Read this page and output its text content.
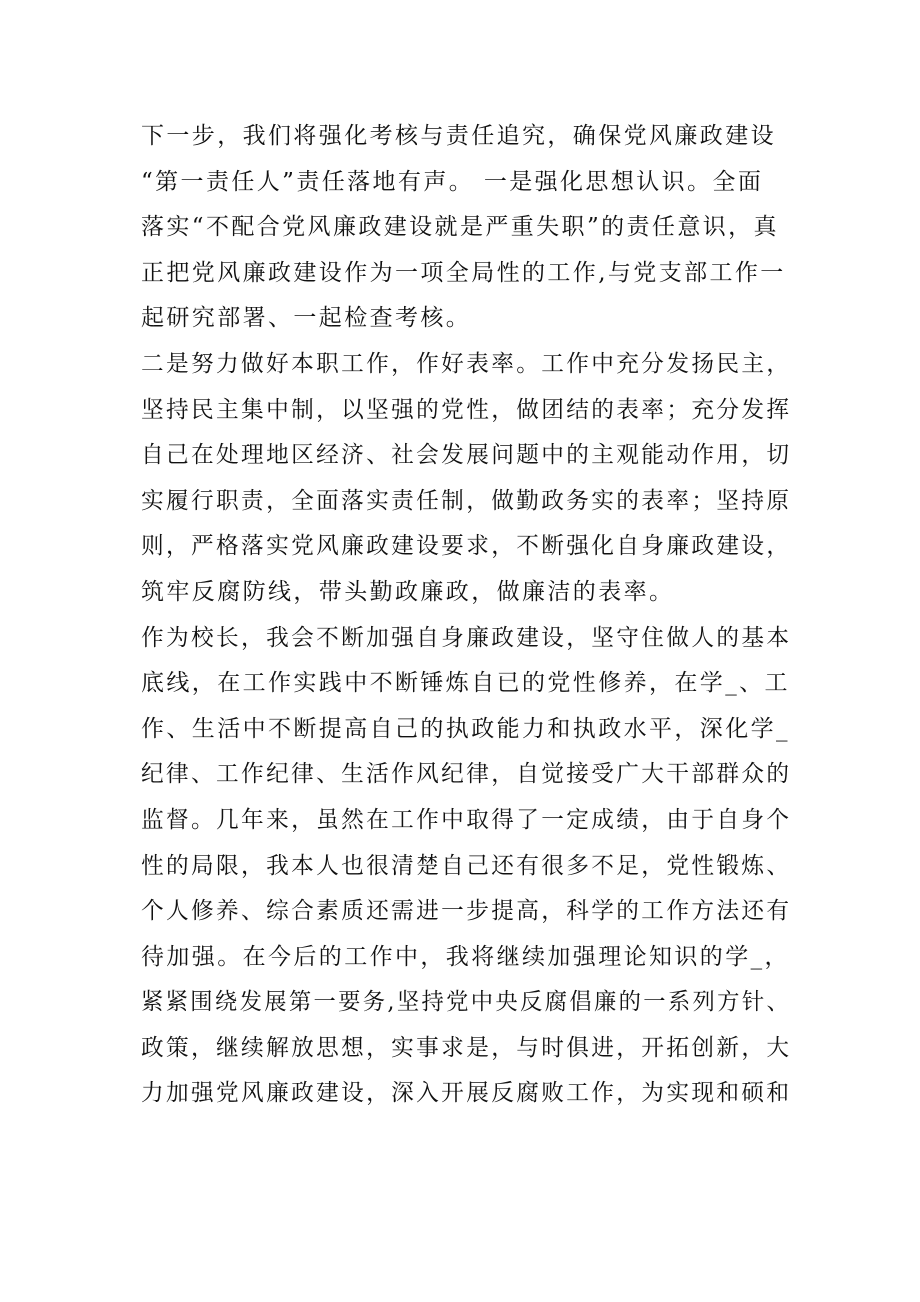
下一步，我们将强化考核与责任追究，确保党风廉政建设
“第一责任人”责任落地有声。 一是强化思想认识。全面
落实“不配合党风廉政建设就是严重失职”的责任意识，真
正把党风廉政建设作为一项全局性的工作,与党支部工作一
起研究部署、一起检查考核。
二是努力做好本职工作，作好表率。工作中充分发扬民主，
坚持民主集中制，以坚强的党性，做团结的表率；充分发挥
自己在处理地区经济、社会发展问题中的主观能动作用，切
实履行职责，全面落实责任制，做勤政务实的表率；坚持原
则，严格落实党风廉政建设要求，不断强化自身廉政建设，
筑牢反腐防线，带头勤政廉政，做廉洁的表率。
作为校长，我会不断加强自身廉政建设，坚守住做人的基本
底线，在工作实践中不断锤炼自已的党性修养，在学_、工
作、生活中不断提高自己的执政能力和执政水平，深化学_
纪律、工作纪律、生活作风纪律，自觉接受广大干部群众的
监督。几年来，虽然在工作中取得了一定成绩，由于自身个
性的局限，我本人也很清楚自己还有很多不足，党性锻炼、
个人修养、综合素质还需进一步提高，科学的工作方法还有
待加强。在今后的工作中，我将继续加强理论知识的学_，
紧紧围绕发展第一要务,坚持党中央反腐倡廉的一系列方针、
政策，继续解放思想，实事求是，与时俱进，开拓创新，大
力加强党风廉政建设，深入开展反腐败工作，为实现和硕和
